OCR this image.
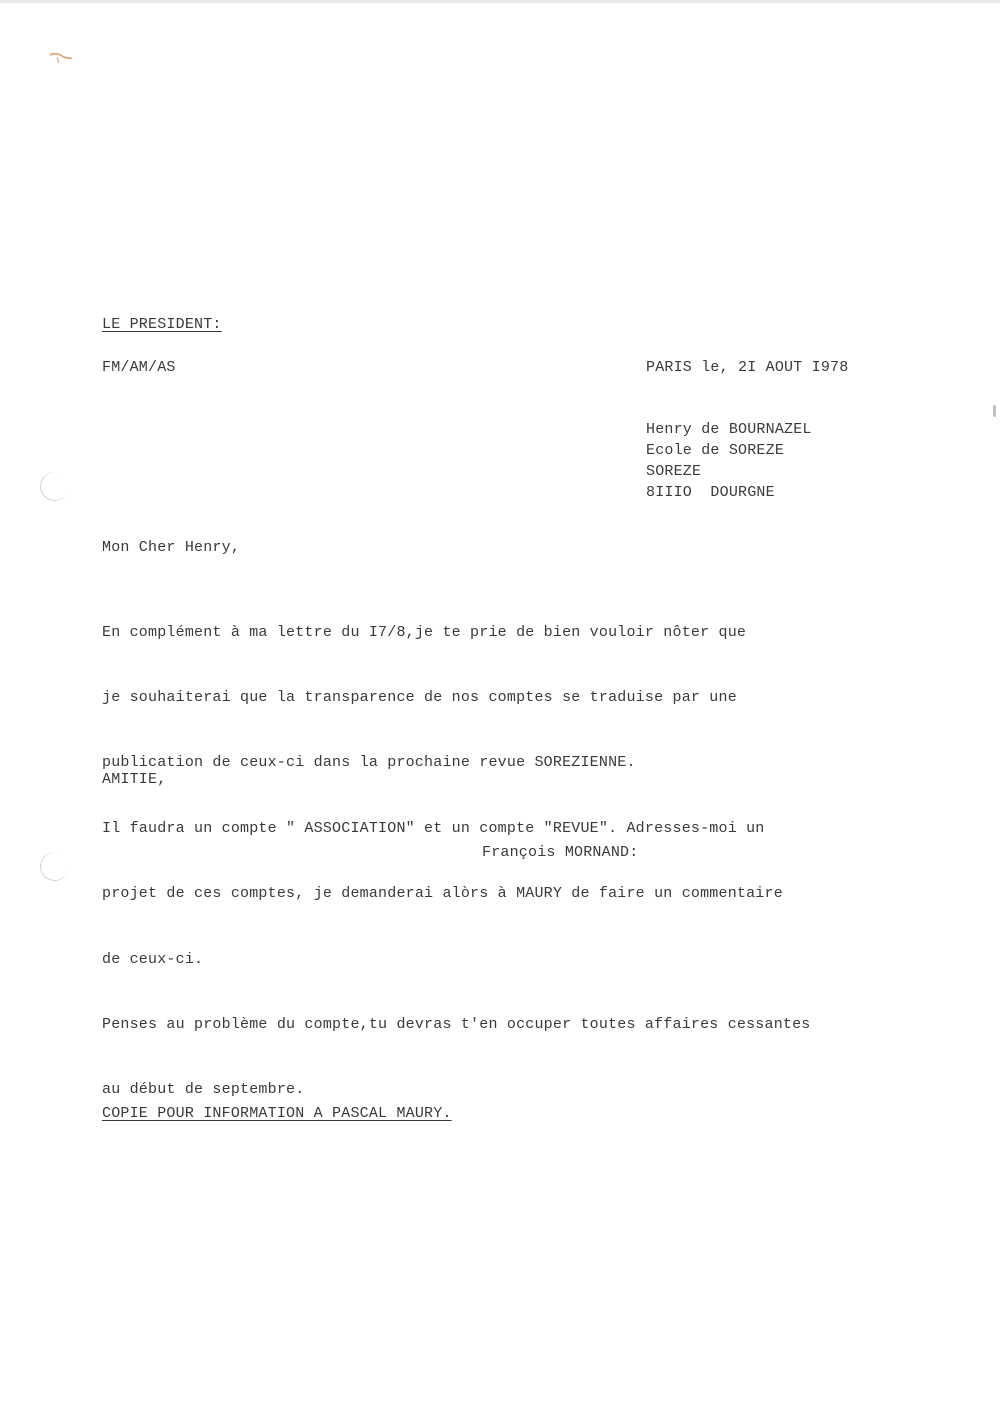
LE PRESIDENT:
FM/AM/AS	PARIS le, 2I AOUT I978
Henry de BOURNAZEL
Ecole de SOREZE
SOREZE
8IIIO  DOURGNE
Mon Cher Henry,

En complément à ma lettre du I7/8,je te prie de bien vouloir nôter que

je souhaiterai que la transparence de nos comptes se traduise par une

publication de ceux-ci dans la prochaine revue SOREZIENNE.

Il faudra un compte " ASSOCIATION" et un compte "REVUE". Adresses-moi un

projet de ces comptes, je demanderai alòrs à MAURY de faire un commentaire

de ceux-ci.

Penses au problème du compte,tu devras t'en occuper toutes affaires cessantes

au début de septembre.

AMITIE,
François MORNAND:
COPIE POUR INFORMATION A PASCAL MAURY.
